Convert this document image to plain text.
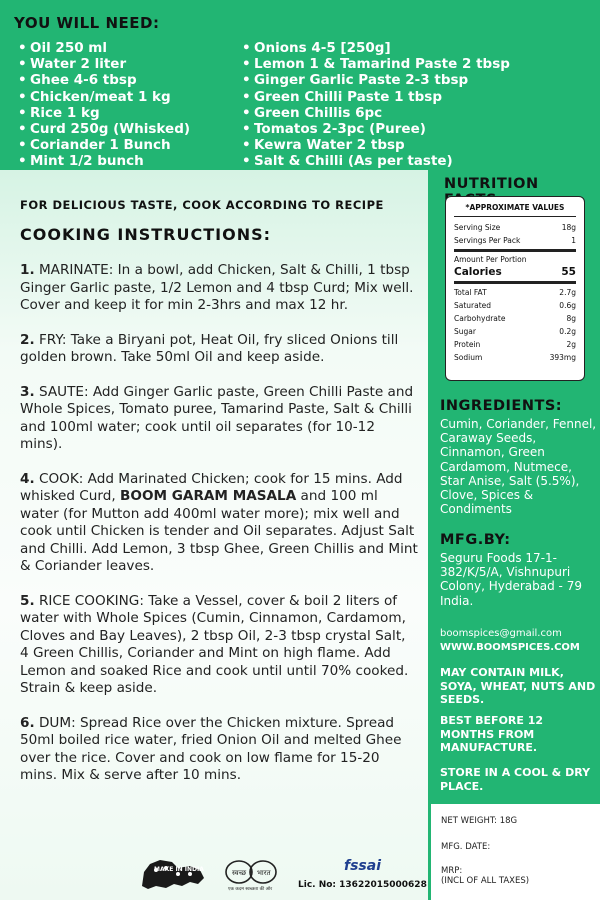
YOU WILL NEED:
• Oil 250 ml
• Water 2 liter
• Ghee 4-6 tbsp
• Chicken/meat 1 kg
• Rice 1 kg
• Curd 250g (Whisked)
• Coriander 1 Bunch
• Mint 1/2 bunch
• Onions 4-5 [250g]
• Lemon 1 & Tamarind Paste 2 tbsp
• Ginger Garlic Paste 2-3 tbsp
• Green Chilli Paste 1 tbsp
• Green Chillis 6pc
• Tomatos 2-3pc (Puree)
• Kewra Water 2 tbsp
• Salt & Chilli (As per taste)
FOR DELICIOUS TASTE, COOK ACCORDING TO RECIPE
COOKING INSTRUCTIONS:

1. MARINATE: In a bowl, add Chicken, Salt & Chilli, 1 tbsp Ginger Garlic paste, 1/2 Lemon and 4 tbsp Curd; Mix well. Cover and keep it for min 2-3hrs and max 12 hr.

2. FRY: Take a Biryani pot, Heat Oil, fry sliced Onions till golden brown. Take 50ml Oil and keep aside.

3. SAUTE: Add Ginger Garlic paste, Green Chilli Paste and Whole Spices, Tomato puree, Tamarind Paste, Salt & Chilli and 100ml water; cook until oil separates (for 10-12 mins).

4. COOK: Add Marinated Chicken; cook for 15 mins. Add whisked Curd, BOOM GARAM MASALA and 100 ml water (for Mutton add 400ml water more); mix well and cook until Chicken is tender and Oil separates. Adjust Salt and Chilli. Add Lemon, 3 tbsp Ghee, Green Chillis and Mint & Coriander leaves.

5. RICE COOKING: Take a Vessel, cover & boil 2 liters of water with Whole Spices (Cumin, Cinnamon, Cardamom, Cloves and Bay Leaves), 2 tbsp Oil, 2-3 tbsp crystal Salt, 4 Green Chillis, Coriander and Mint on high flame. Add Lemon and soaked Rice and cook until until 70% cooked. Strain & keep aside.

6. DUM: Spread Rice over the Chicken mixture. Spread 50ml boiled rice water, fried Onion Oil and melted Ghee over the rice. Cover and cook on low flame for 15-20 mins. Mix & serve after 10 mins.

MAKE IN INDIA	स्वच्छ भारत
एक कदम स्वच्छता की ओर
fssai
Lic. No: 13622015000628
NUTRITION
*APPROXIMATE VALUES
Serving Size	18g
Servings Per Pack	1
Amount Per Portion
Calories	55
Total FAT	2.7g
Saturated	0.6g
Carbohydrate	8g
Sugar	0.2g
Protein	2g
Sodium	393mg
INGREDIENTS:
Cumin, Coriander, Fennel, Caraway Seeds, Cinnamon, Green Cardamom, Nutmece, Star Anise, Salt (5.5%), Clove, Spices & Condiments
MFG.BY:
Seguru Foods 17-1-382/K/5/A, Vishnupuri Colony, Hyderabad - 79 India.
boomspices@gmail.com
WWW.BOOMSPICES.COM
MAY CONTAIN MILK, SOYA, WHEAT, NUTS AND SEEDS.
BEST BEFORE 12 MONTHS FROM MANUFACTURE.
STORE IN A COOL & DRY PLACE.
NET WEIGHT: 18G
MFG. DATE:
MRP:
(INCL OF ALL TAXES)
